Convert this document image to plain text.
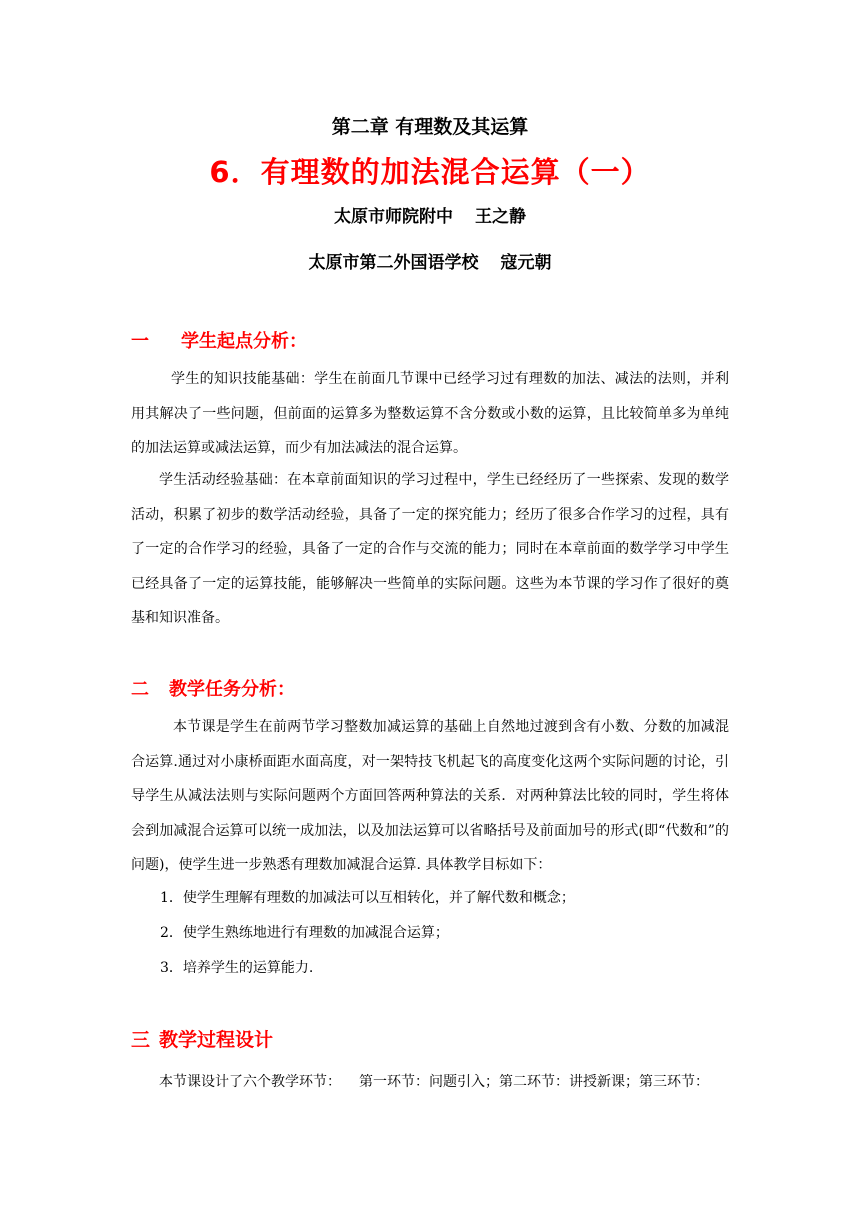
第二章 有理数及其运算
6．有理数的加法混合运算（一）
太原市师院附中 王之静
太原市第二外国语学校 寇元朝
一 学生起点分析：

学生的知识技能基础：学生在前面几节课中已经学习过有理数的加法、减法的法则，并利用其解决了一些问题，但前面的运算多为整数运算不含分数或小数的运算，且比较简单多为单纯的加法运算或减法运算，而少有加法减法的混合运算。

学生活动经验基础：在本章前面知识的学习过程中，学生已经经历了一些探索、发现的数学活动，积累了初步的数学活动经验，具备了一定的探究能力；经历了很多合作学习的过程，具有了一定的合作学习的经验，具备了一定的合作与交流的能力；同时在本章前面的数学学习中学生已经具备了一定的运算技能，能够解决一些简单的实际问题。这些为本节课的学习作了很好的奠基和知识准备。

二 教学任务分析：

本节课是学生在前两节学习整数加减运算的基础上自然地过渡到含有小数、分数的加减混合运算.通过对小康桥面距水面高度，对一架特技飞机起飞的高度变化这两个实际问题的讨论，引导学生从减法法则与实际问题两个方面回答两种算法的关系．对两种算法比较的同时，学生将体会到加减混合运算可以统一成加法，以及加法运算可以省略括号及前面加号的形式(即“代数和”的问题)，使学生进一步熟悉有理数加减混合运算. 具体教学目标如下：

1．使学生理解有理数的加减法可以互相转化，并了解代数和概念；
2．使学生熟练地进行有理数的加减混合运算；
3．培养学生的运算能力.
三 教学过程设计

本节课设计了六个教学环节： 第一环节：问题引入；第二环节：讲授新课；第三环节：
